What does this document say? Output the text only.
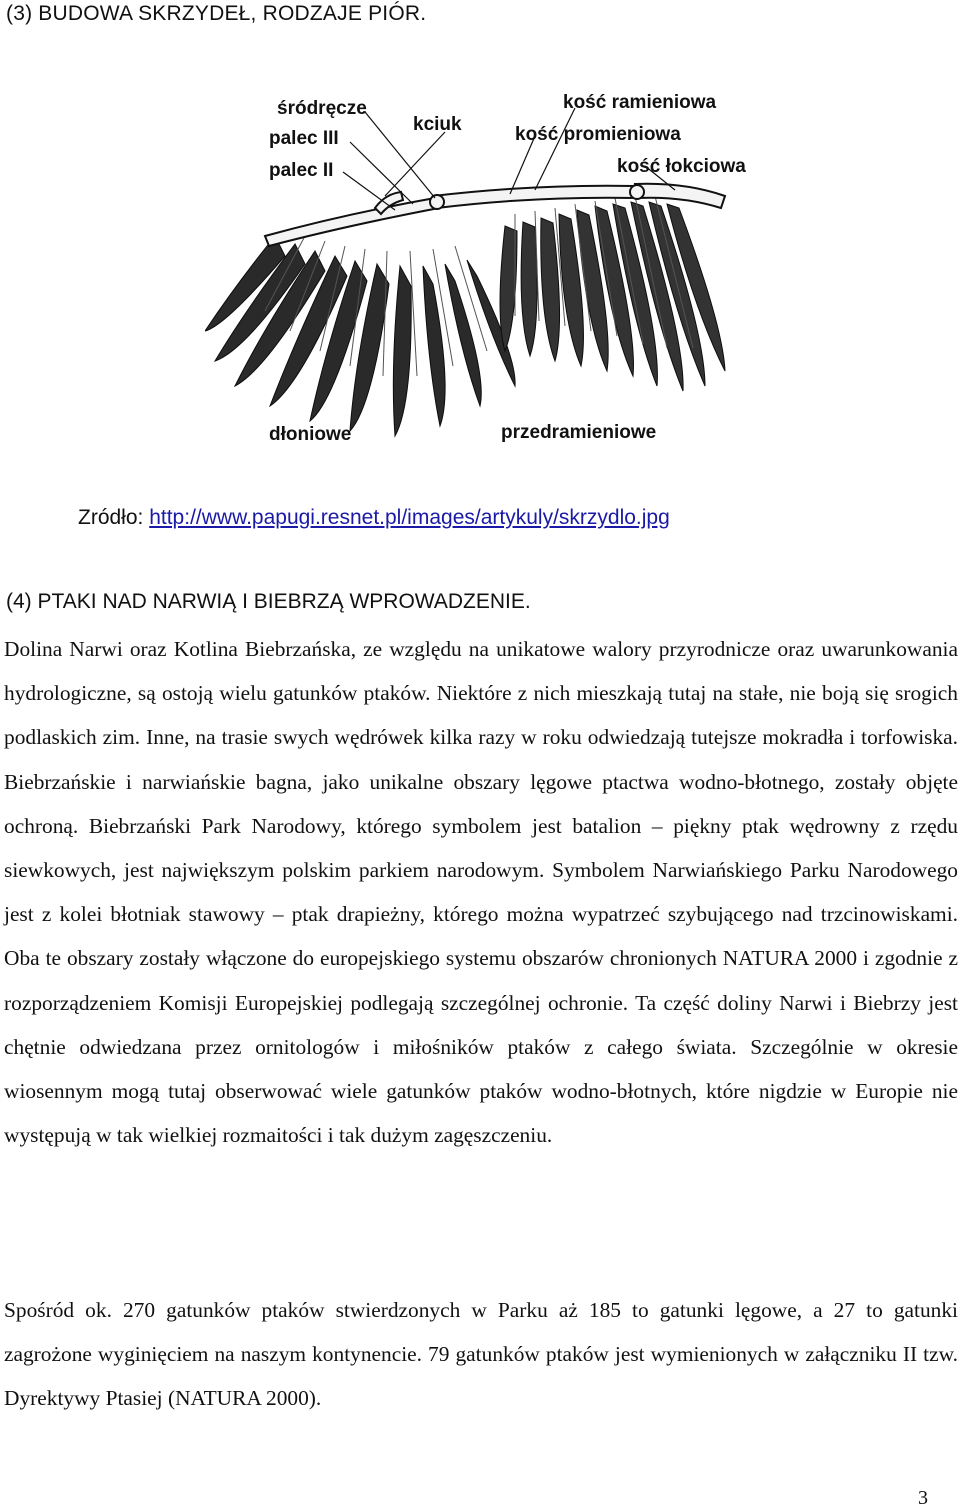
(3) BUDOWA SKRZYDEŁ, RODZAJE PIÓR.
śródręcze
palec III
palec II
kciuk
kość ramieniowa
kość promieniowa
kość łokciowa
dłoniowe	przedramieniowe
Zródło: http://www.papugi.resnet.pl/images/artykuly/skrzydlo.jpg
(4) PTAKI NAD NARWIĄ I BIEBRZĄ WPROWADZENIE.

Dolina Narwi oraz Kotlina Biebrzańska, ze względu na unikatowe walory przyrodnicze oraz uwarunkowania hydrologiczne, są ostoją wielu gatunków ptaków. Niektóre z nich mieszkają tutaj na stałe, nie boją się srogich podlaskich zim. Inne, na trasie swych wędrówek kilka razy w roku odwiedzają tutejsze mokradła i torfowiska. Biebrzańskie i narwiańskie bagna, jako unikalne obszary lęgowe ptactwa wodno-błotnego, zostały objęte ochroną. Biebrzański Park Narodowy, którego symbolem jest batalion – piękny ptak wędrowny z rzędu siewkowych, jest największym polskim parkiem narodowym. Symbolem Narwiańskiego Parku Narodowego jest z kolei błotniak stawowy – ptak drapieżny, którego można wypatrzeć szybującego nad trzcinowiskami. Oba te obszary zostały włączone do europejskiego systemu obszarów chronionych NATURA 2000 i zgodnie z rozporządzeniem Komisji Europejskiej podlegają szczególnej ochronie. Ta część doliny Narwi i Biebrzy jest chętnie odwiedzana przez ornitologów i miłośników ptaków z całego świata. Szczególnie w okresie wiosennym mogą tutaj obserwować wiele gatunków ptaków wodno-błotnych, które nigdzie w Europie nie występują w tak wielkiej rozmaitości i tak dużym zagęszczeniu.

Spośród ok. 270 gatunków ptaków stwierdzonych w Parku aż 185 to gatunki lęgowe, a 27 to gatunki zagrożone wyginięciem na naszym kontynencie. 79 gatunków ptaków jest wymienionych w załączniku II tzw. Dyrektywy Ptasiej (NATURA 2000).

3
